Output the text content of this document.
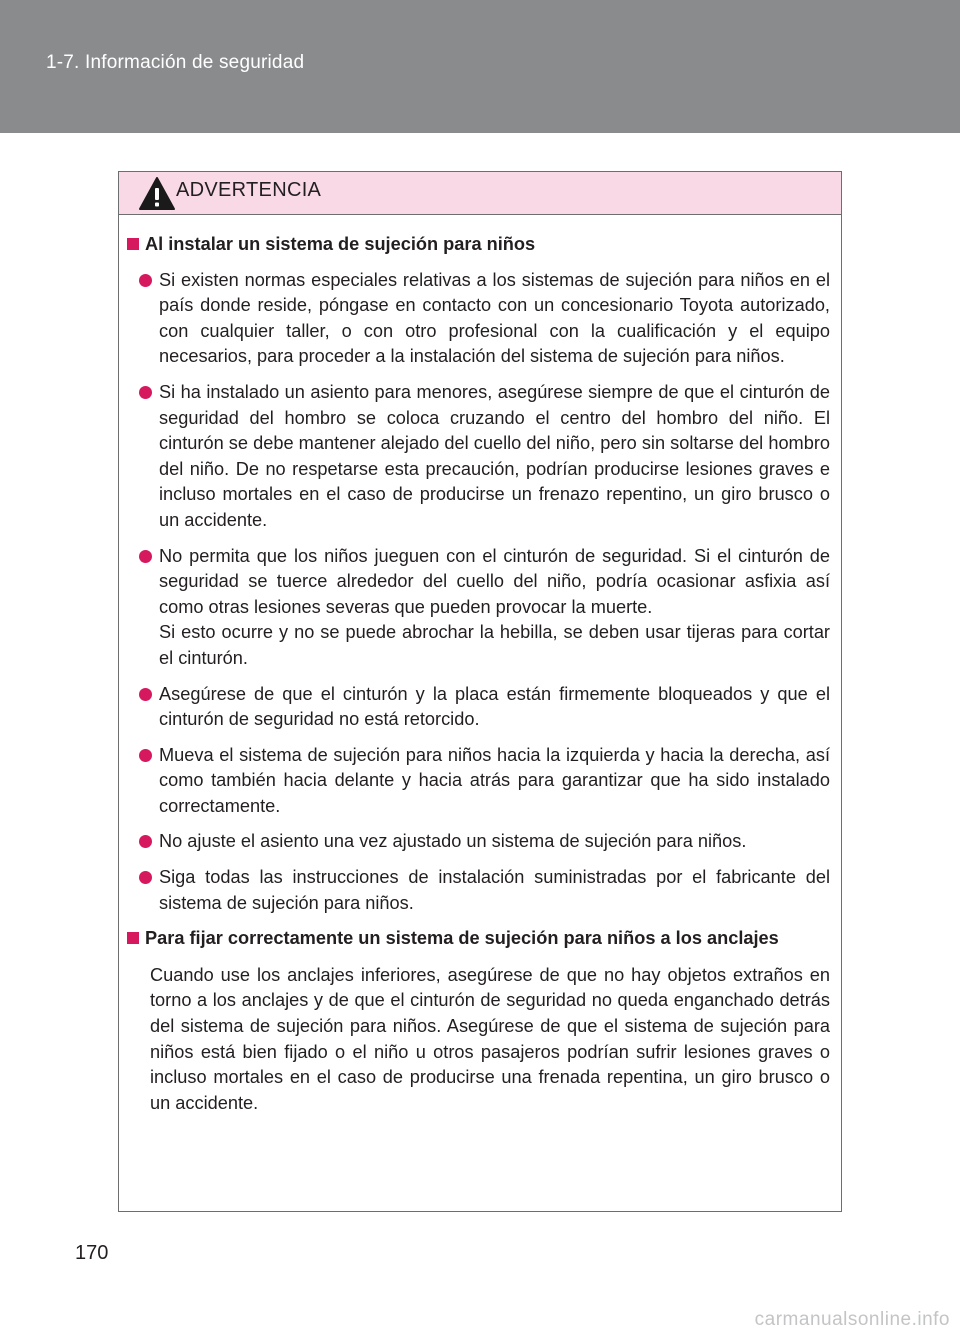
1-7. Información de seguridad
ADVERTENCIA
Al instalar un sistema de sujeción para niños

Si existen normas especiales relativas a los sistemas de sujeción para niños en el país donde reside, póngase en contacto con un concesionario Toyota autorizado, con cualquier taller, o con otro profesional con la cualificación y el equipo necesarios, para proceder a la instalación del sistema de sujeción para niños.

Si ha instalado un asiento para menores, asegúrese siempre de que el cinturón de seguridad del hombro se coloca cruzando el centro del hombro del niño. El cinturón se debe mantener alejado del cuello del niño, pero sin soltarse del hombro del niño. De no respetarse esta precaución, podrían producirse lesiones graves e incluso mortales en el caso de producirse un frenazo repentino, un giro brusco o un accidente.

No permita que los niños jueguen con el cinturón de seguridad. Si el cinturón de seguridad se tuerce alrededor del cuello del niño, podría ocasionar asfixia así como otras lesiones severas que pueden provocar la muerte.

Si esto ocurre y no se puede abrochar la hebilla, se deben usar tijeras para cortar el cinturón.

Asegúrese de que el cinturón y la placa están firmemente bloqueados y que el cinturón de seguridad no está retorcido.

Mueva el sistema de sujeción para niños hacia la izquierda y hacia la derecha, así como también hacia delante y hacia atrás para garantizar que ha sido instalado correctamente.

No ajuste el asiento una vez ajustado un sistema de sujeción para niños.

Siga todas las instrucciones de instalación suministradas por el fabricante del sistema de sujeción para niños.

Para fijar correctamente un sistema de sujeción para niños a los anclajes
Cuando use los anclajes inferiores, asegúrese de que no hay objetos extraños en torno a los anclajes y de que el cinturón de seguridad no queda enganchado detrás del sistema de sujeción para niños. Asegúrese de que el sistema de sujeción para niños está bien fijado o el niño u otros pasajeros podrían sufrir lesiones graves o incluso mortales en el caso de producirse una frenada repentina, un giro brusco o un accidente.
170
carmanualsonline.info
